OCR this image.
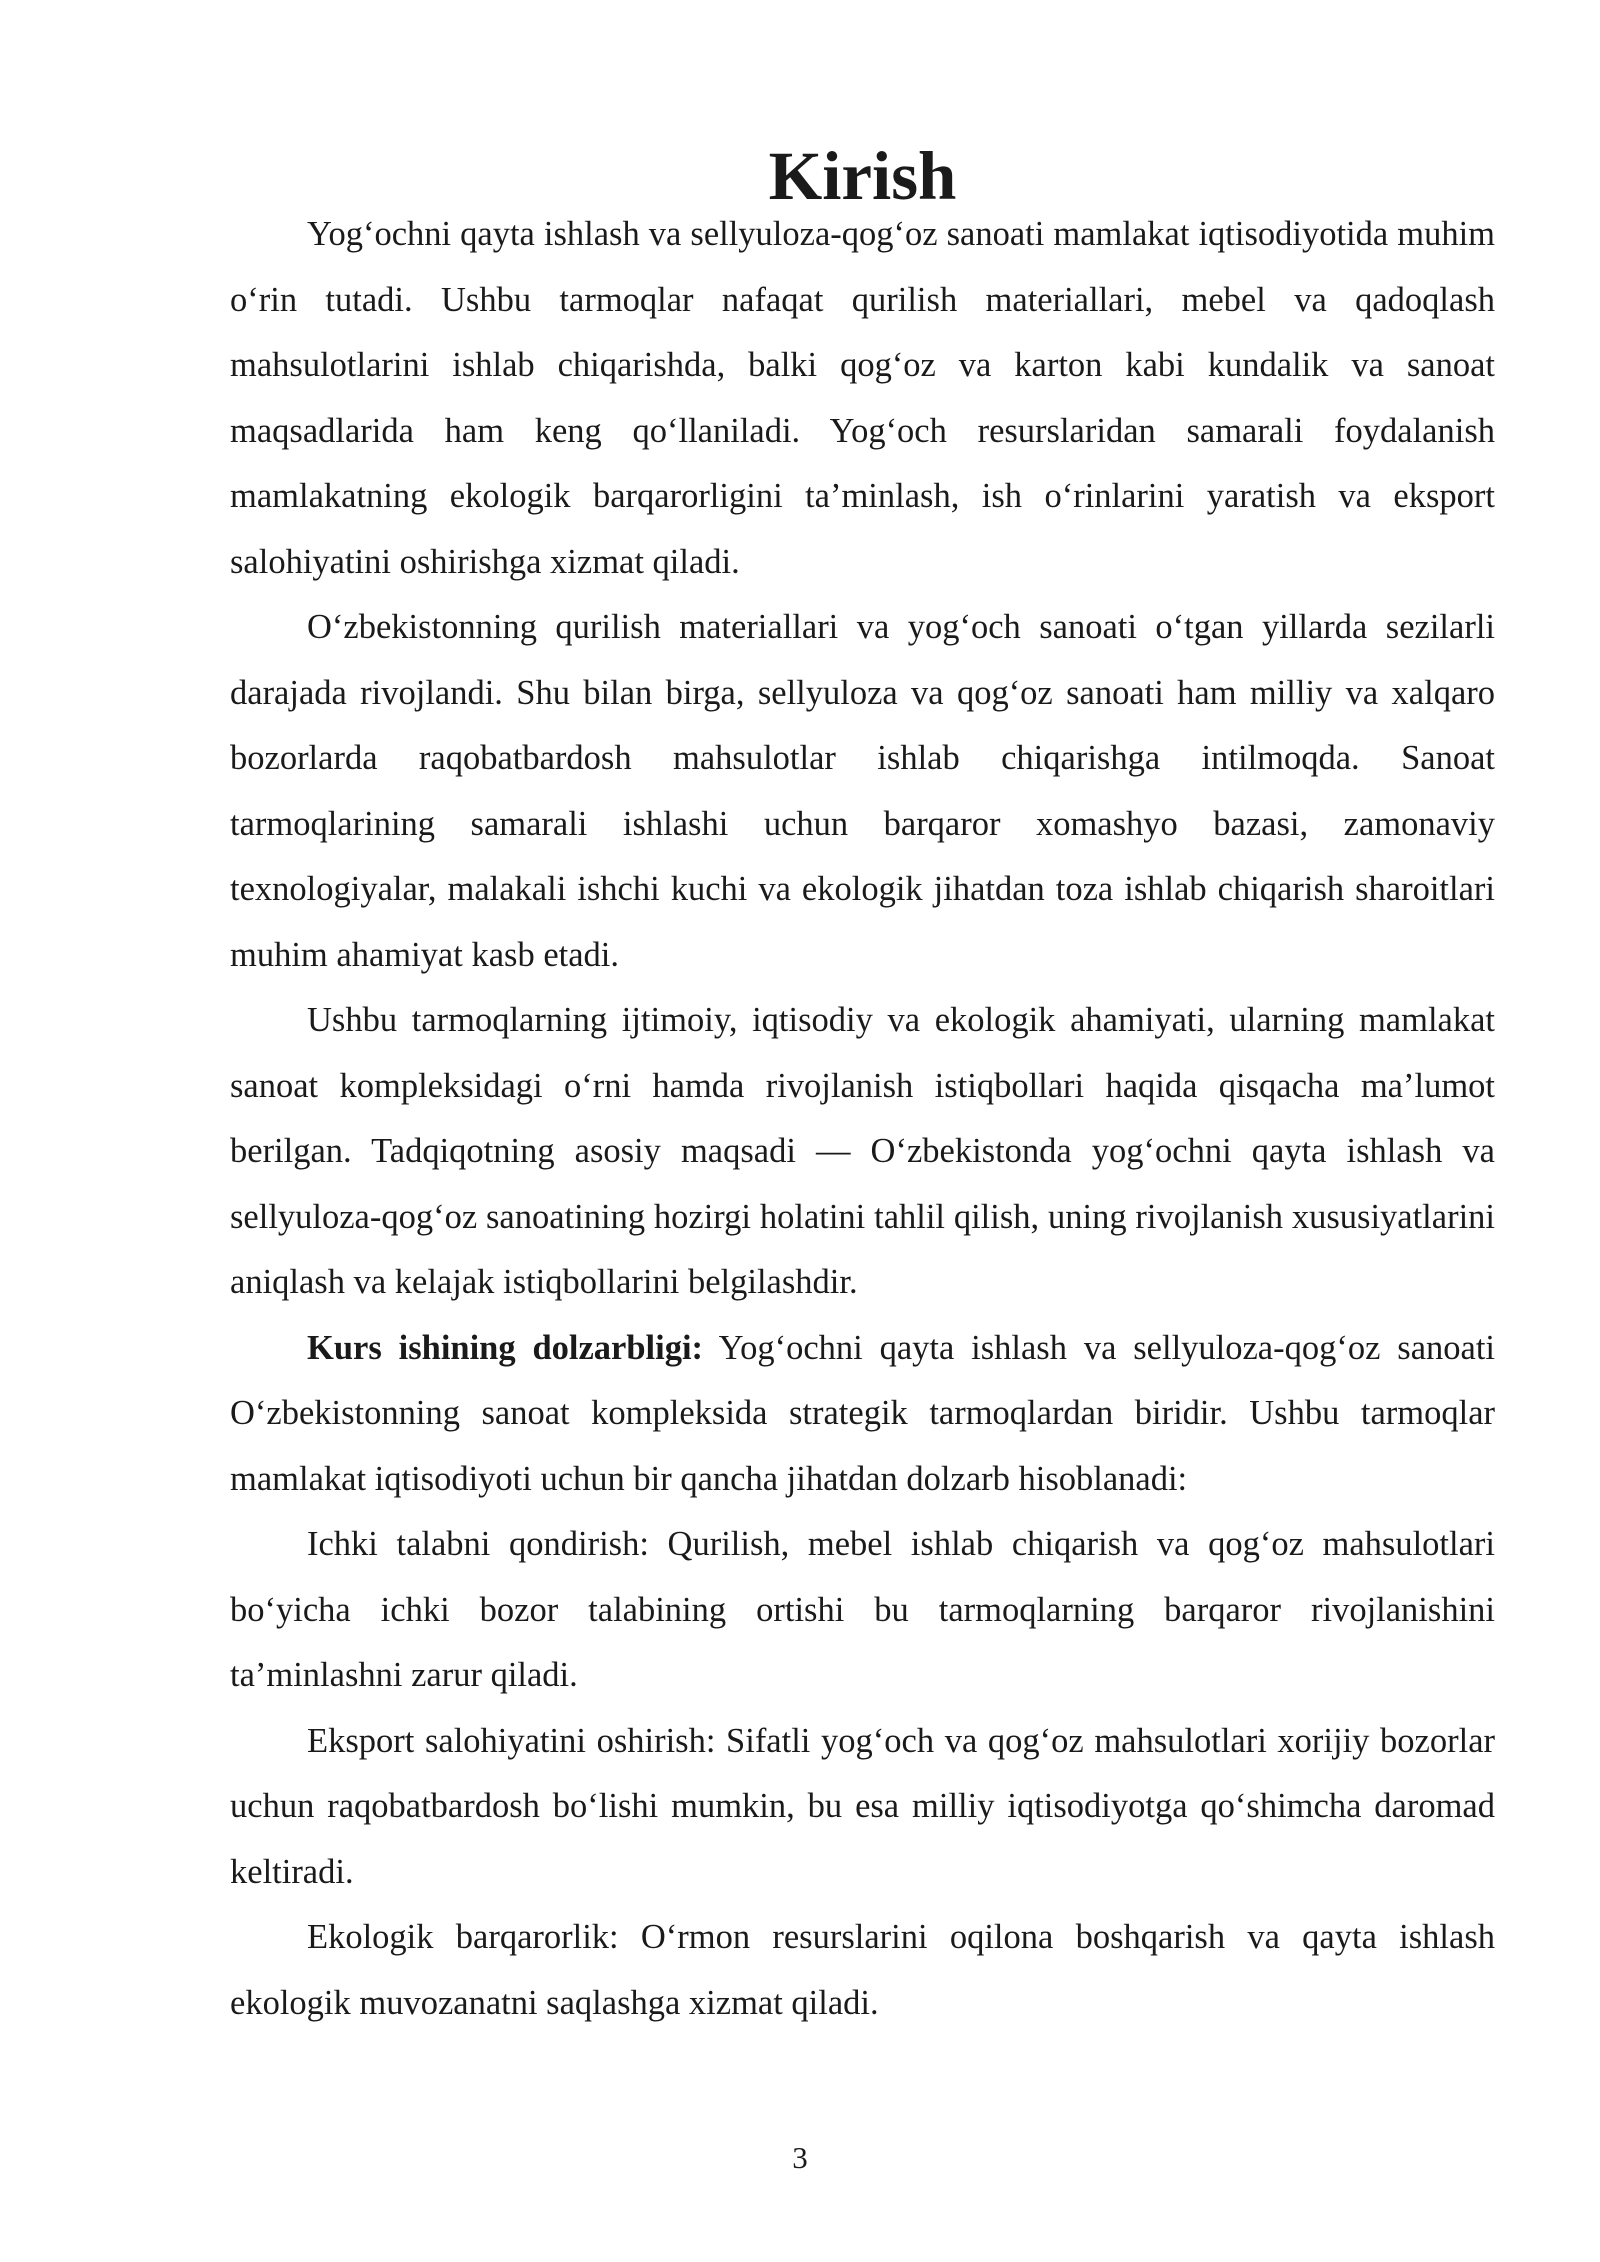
Kirish

Yog‘ochni qayta ishlash va sellyuloza-qog‘oz sanoati mamlakat iqtisodiyotida muhim o‘rin tutadi. Ushbu tarmoqlar nafaqat qurilish materiallari, mebel va qadoqlash mahsulotlarini ishlab chiqarishda, balki qog‘oz va karton kabi kundalik va sanoat maqsadlarida ham keng qo‘llaniladi. Yog‘och resurslaridan samarali foydalanish mamlakatning ekologik barqarorligini ta’minlash, ish o‘rinlarini yaratish va eksport salohiyatini oshirishga xizmat qiladi.

O‘zbekistonning qurilish materiallari va yog‘och sanoati o‘tgan yillarda sezilarli darajada rivojlandi. Shu bilan birga, sellyuloza va qog‘oz sanoati ham milliy va xalqaro bozorlarda raqobatbardosh mahsulotlar ishlab chiqarishga intilmoqda. Sanoat tarmoqlarining samarali ishlashi uchun barqaror xomashyo bazasi, zamonaviy texnologiyalar, malakali ishchi kuchi va ekologik jihatdan toza ishlab chiqarish sharoitlari muhim ahamiyat kasb etadi.

Ushbu tarmoqlarning ijtimoiy, iqtisodiy va ekologik ahamiyati, ularning mamlakat sanoat kompleksidagi o‘rni hamda rivojlanish istiqbollari haqida qisqacha ma’lumot berilgan. Tadqiqotning asosiy maqsadi — O‘zbekistonda yog‘ochni qayta ishlash va sellyuloza-qog‘oz sanoatining hozirgi holatini tahlil qilish, uning rivojlanish xususiyatlarini aniqlash va kelajak istiqbollarini belgilashdir.

Kurs ishining dolzarbligi: Yog‘ochni qayta ishlash va sellyuloza-qog‘oz sanoati O‘zbekistonning sanoat kompleksida strategik tarmoqlardan biridir. Ushbu tarmoqlar mamlakat iqtisodiyoti uchun bir qancha jihatdan dolzarb hisoblanadi:

Ichki talabni qondirish: Qurilish, mebel ishlab chiqarish va qog‘oz mahsulotlari bo‘yicha ichki bozor talabining ortishi bu tarmoqlarning barqaror rivojlanishini ta’minlashni zarur qiladi.

Eksport salohiyatini oshirish: Sifatli yog‘och va qog‘oz mahsulotlari xorijiy bozorlar uchun raqobatbardosh bo‘lishi mumkin, bu esa milliy iqtisodiyotga qo‘shimcha daromad keltiradi.

Ekologik barqarorlik: O‘rmon resurslarini oqilona boshqarish va qayta ishlash ekologik muvozanatni saqlashga xizmat qiladi.

3
